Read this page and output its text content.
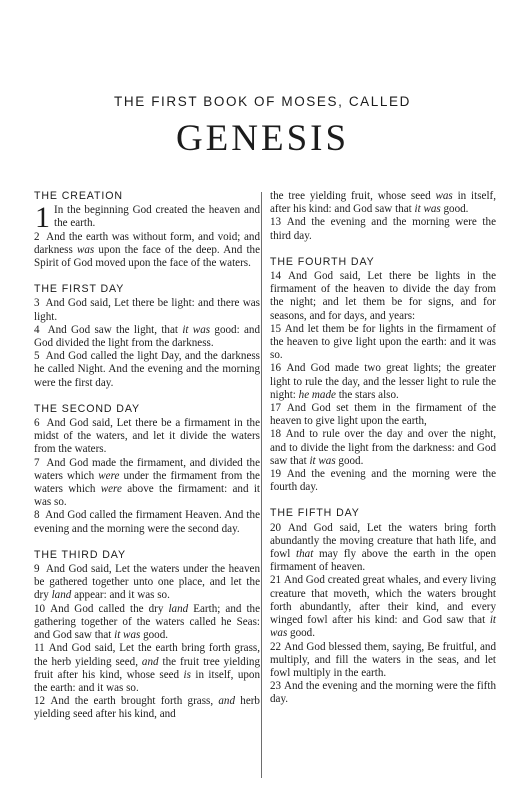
THE FIRST BOOK OF MOSES, CALLED
GENESIS
THE CREATION

1 In the beginning God created the heaven and the earth.

2 And the earth was without form, and void; and darkness was upon the face of the deep. And the Spirit of God moved upon the face of the waters.

THE FIRST DAY

3 And God said, Let there be light: and there was light.

4 And God saw the light, that it was good: and God divided the light from the darkness.

5 And God called the light Day, and the darkness he called Night. And the evening and the morning were the first day.

THE SECOND DAY

6 And God said, Let there be a firmament in the midst of the waters, and let it divide the waters from the waters.

7 And God made the firmament, and divided the waters which were under the firmament from the waters which were above the firmament: and it was so.

8 And God called the firmament Heaven. And the evening and the morning were the second day.

THE THIRD DAY

9 And God said, Let the waters under the heaven be gathered together unto one place, and let the dry land appear: and it was so.

10 And God called the dry land Earth; and the gathering together of the waters called he Seas: and God saw that it was good.

11 And God said, Let the earth bring forth grass, the herb yielding seed, and the fruit tree yielding fruit after his kind, whose seed is in itself, upon the earth: and it was so.

12 And the earth brought forth grass, and herb yielding seed after his kind, and

the tree yielding fruit, whose seed was in itself, after his kind: and God saw that it was good.

13 And the evening and the morning were the third day.

THE FOURTH DAY

14 And God said, Let there be lights in the firmament of the heaven to divide the day from the night; and let them be for signs, and for seasons, and for days, and years:

15 And let them be for lights in the firmament of the heaven to give light upon the earth: and it was so.

16 And God made two great lights; the greater light to rule the day, and the lesser light to rule the night: he made the stars also.

17 And God set them in the firmament of the heaven to give light upon the earth,

18 And to rule over the day and over the night, and to divide the light from the darkness: and God saw that it was good.

19 And the evening and the morning were the fourth day.

THE FIFTH DAY

20 And God said, Let the waters bring forth abundantly the moving creature that hath life, and fowl that may fly above the earth in the open firmament of heaven.

21 And God created great whales, and every living creature that moveth, which the waters brought forth abundantly, after their kind, and every winged fowl after his kind: and God saw that it was good.

22 And God blessed them, saying, Be fruitful, and multiply, and fill the waters in the seas, and let fowl multiply in the earth.

23 And the evening and the morning were the fifth day.
